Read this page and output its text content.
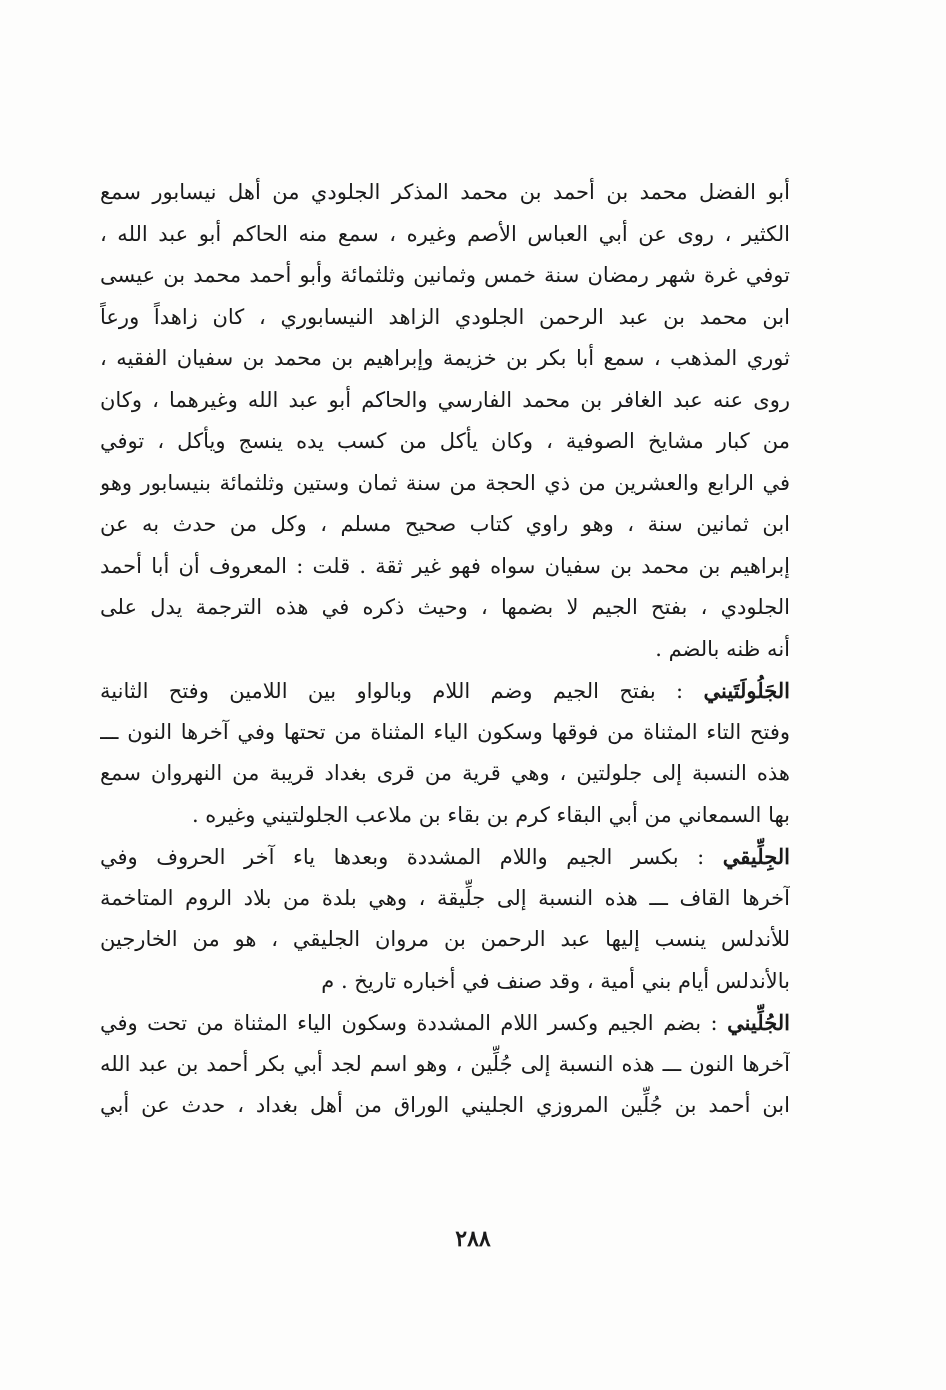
أبو الفضل محمد بن أحمد بن محمد المذكر الجلودي من أهل نيسابور سمع
الكثير ، روى عن أبي العباس الأصم وغيره ، سمع منه الحاكم أبو عبد الله ،
توفي غرة شهر رمضان سنة خمس وثمانين وثلثمائة وأبو أحمد محمد بن عيسى
ابن محمد بن عبد الرحمن الجلودي الزاهد النيسابوري ، كان زاهداً ورعاً
ثوري المذهب ، سمع أبا بكر بن خزيمة وإبراهيم بن محمد بن سفيان الفقيه ،
روى عنه عبد الغافر بن محمد الفارسي والحاكم أبو عبد الله وغيرهما ، وكان
من كبار مشايخ الصوفية ، وكان يأكل من كسب يده ينسج ويأكل ، توفي
في الرابع والعشرين من ذي الحجة من سنة ثمان وستين وثلثمائة بنيسابور وهو
ابن ثمانين سنة ، وهو راوي كتاب صحيح مسلم ، وكل من حدث به عن
إبراهيم بن محمد بن سفيان سواه فهو غير ثقة . قلت : المعروف أن أبا أحمد
الجلودي ، بفتح الجيم لا بضمها ، وحيث ذكره في هذه الترجمة يدل على
أنه ظنه بالضم .
الجَلُولَتَيني : بفتح الجيم وضم اللام وبالواو بين اللامين وفتح الثانية
وفتح التاء المثناة من فوقها وسكون الياء المثناة من تحتها وفي آخرها النون ـــ
هذه النسبة إلى جلولتين ، وهي قرية من قرى بغداد قريبة من النهروان سمع
بها السمعاني من أبي البقاء كرم بن بقاء بن ملاعب الجلولتيني وغيره .
الجِلِّيقي : بكسر الجيم واللام المشددة وبعدها ياء آخر الحروف وفي
آخرها القاف ـــ هذه النسبة إلى جلِّيقة ، وهي بلدة من بلاد الروم المتاخمة
للأندلس ينسب إليها عبد الرحمن بن مروان الجليقي ، هو من الخارجين
بالأندلس أيام بني أمية ، وقد صنف في أخباره تاريخ . م
الجُلِّيني : بضم الجيم وكسر اللام المشددة وسكون الياء المثناة من تحت وفي
آخرها النون ـــ هذه النسبة إلى جُلِّين ، وهو اسم لجد أبي بكر أحمد بن عبد الله
ابن أحمد بن جُلِّين المروزي الجليني الوراق من أهل بغداد ، حدث عن أبي
٢٨٨
